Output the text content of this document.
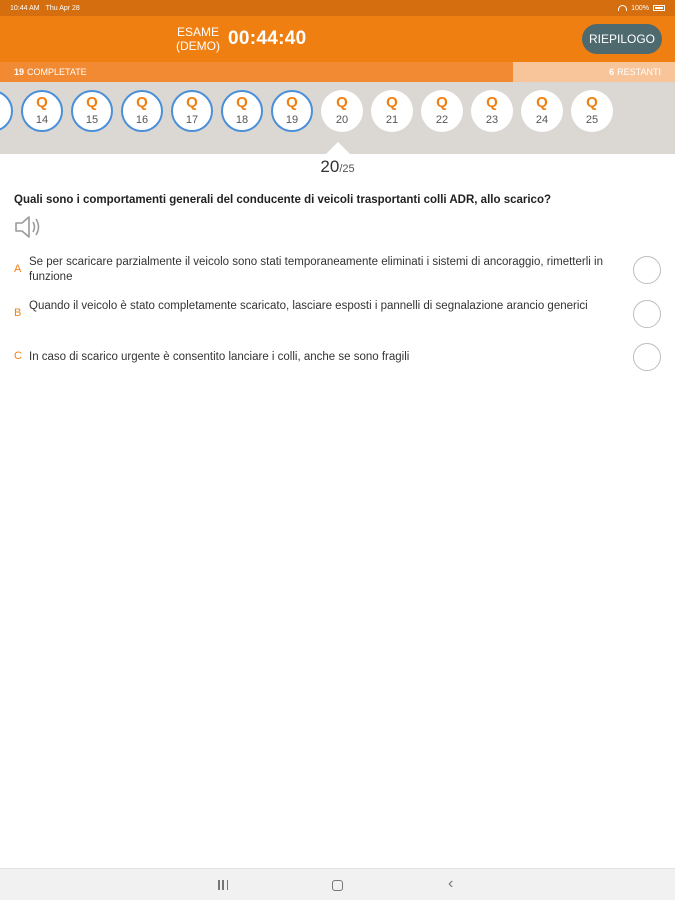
10:44 AM Thu Apr 28	100%
ESAME (DEMO) 00:44:40	RIEPILOGO
19 COMPLETATE	6 RESTANTI
Q
14
Q
15
Q
16
Q
17
Q
18
Q
19
Q
20
Q
21
Q
22
Q
23
Q
24
Q
25
20/25
Quali sono i comportamenti generali del conducente di veicoli trasportanti colli ADR, allo scarico?
A
Se per scaricare parzialmente il veicolo sono stati temporaneamente eliminati i sistemi di ancoraggio, rimetterli in funzione
B
Quando il veicolo è stato completamente scaricato, lasciare esposti i pannelli di segnalazione arancio generici
C In caso di scarico urgente è consentito lanciare i colli, anche se sono fragili
‹
